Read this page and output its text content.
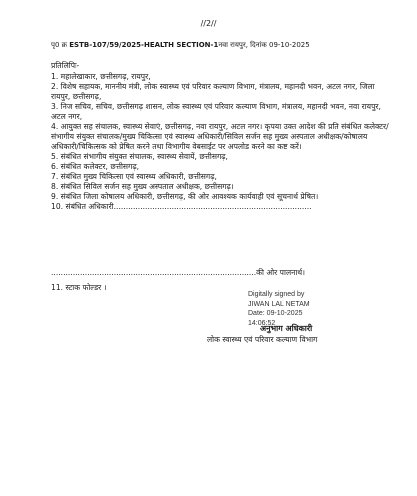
//2//
पृ0 क्र ESTB-107/59/2025-HEALTH SECTION-1नवा रायपुर, दिनांक 09-10-2025
प्रतिलिपिः-

1. महालेखाकार, छत्तीसगढ़, रायपुर,

2. विशेष सहायक, माननीय मंत्री, लोक स्वास्थ्य एवं परिवार कल्याण विभाग, मंत्रालय, महानदी भवन, अटल नगर, जिला रायपुर, छत्तीसगढ़,

3. निज सचिव, सचिव, छत्तीसगढ़ शासन, लोक स्वास्थ्य एवं परिवार कल्याण विभाग, मंत्रालय, महानदी भवन, नवा रायपुर, अटल नगर,

4. आयुक्त सह संचालक, स्वास्थ्य सेवाएं, छत्तीसगढ़, नवा रायपुर, अटल नगर। कृपया उक्त आदेश की प्रति संबंधित कलेक्टर/संभागीय संयुक्त संचालक/मुख्य चिकित्सा एवं स्वास्थ्य अधिकारी/सिविल सर्जन सह मुख्य अस्पताल अधीक्षक/कोषालय अधिकारी/चिकित्सक को प्रेषित करने तथा विभागीय वेबसाईट पर अपलोड करने का कष्ट करें।

5. संबंधित संभागीय संयुक्त संचालक, स्वास्थ्य सेवायें, छत्तीसगढ़,

6. संबंधित कलेक्टर, छत्तीसगढ़,

7. संबंधित मुख्य चिकित्सा एवं स्वास्थ्य अधिकारी, छत्तीसगढ़,

8. संबंधित सिविल सर्जन सह मुख्य अस्पताल अधीक्षक, छत्तीसगढ़।

9. संबंधित जिला कोषालय अधिकारी, छत्तीसगढ़, की ओर आवश्यक कार्यवाही एवं सूचनार्थ प्रेषित।

10. संबंधित अधिकारी..................................................................................

.....................................................................................की ओर पालनार्थ।
11. स्टाक फोल्डर ।
Digitally signed by
JIWAN LAL NETAM
Date: 09-10-2025
14:06:52
अनुभाग अधिकारी
लोक स्वास्थ्य एवं परिवार कल्याण विभाग
